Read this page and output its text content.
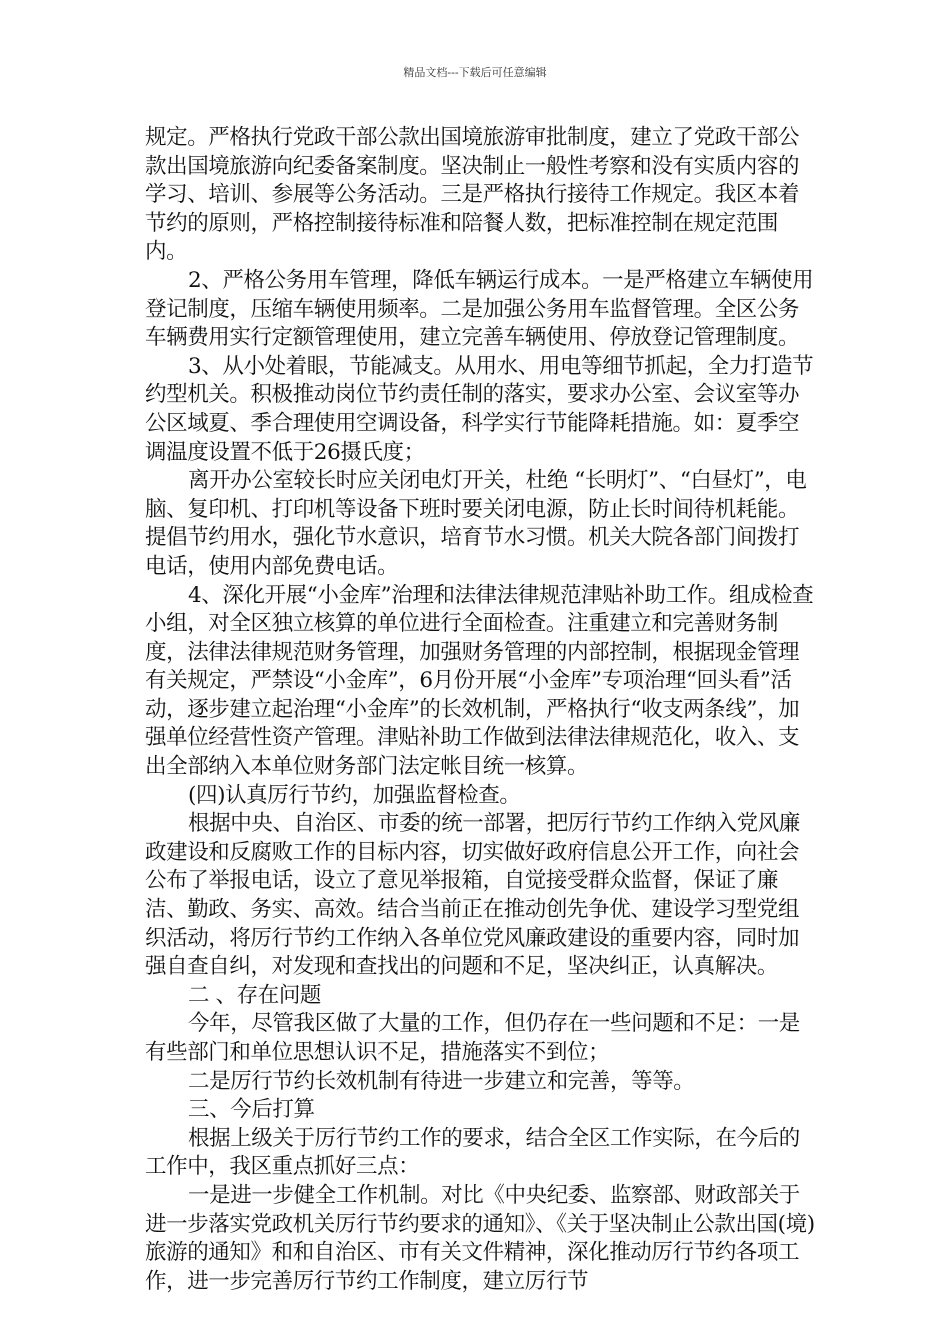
精品文档---下载后可任意编辑

规定。严格执行党政干部公款出国境旅游审批制度，建立了党政干部公款出国境旅游向纪委备案制度。坚决制止一般性考察和没有实质内容的学习、培训、参展等公务活动。三是严格执行接待工作规定。我区本着节约的原则，严格控制接待标准和陪餐人数，把标准控制在规定范围内。

2、严格公务用车管理，降低车辆运行成本。一是严格建立车辆使用登记制度，压缩车辆使用频率。二是加强公务用车监督管理。全区公务车辆费用实行定额管理使用，建立完善车辆使用、停放登记管理制度。

3、从小处着眼，节能减支。从用水、用电等细节抓起，全力打造节约型机关。积极推动岗位节约责任制的落实，要求办公室、会议室等办公区域夏、季合理使用空调设备，科学实行节能降耗措施。如：夏季空调温度设置不低于26摄氏度；

离开办公室较长时应关闭电灯开关，杜绝 “长明灯”、“白昼灯”，电脑、复印机、打印机等设备下班时要关闭电源，防止长时间待机耗能。提倡节约用水，强化节水意识，培育节水习惯。机关大院各部门间拨打电话，使用内部免费电话。

4、深化开展“小金库”治理和法律法律规范津贴补助工作。组成检查小组，对全区独立核算的单位进行全面检查。注重建立和完善财务制度，法律法律规范财务管理，加强财务管理的内部控制，根据现金管理有关规定，严禁设“小金库”，6月份开展“小金库”专项治理“回头看”活动，逐步建立起治理“小金库”的长效机制，严格执行“收支两条线”，加强单位经营性资产管理。津贴补助工作做到法律法律规范化，收入、支出全部纳入本单位财务部门法定帐目统一核算。

(四)认真厉行节约，加强监督检查。

根据中央、自治区、市委的统一部署，把厉行节约工作纳入党风廉政建设和反腐败工作的目标内容，切实做好政府信息公开工作，向社会公布了举报电话，设立了意见举报箱，自觉接受群众监督，保证了廉洁、勤政、务实、高效。结合当前正在推动创先争优、建设学习型党组织活动，将厉行节约工作纳入各单位党风廉政建设的重要内容，同时加强自查自纠，对发现和查找出的问题和不足，坚决纠正，认真解决。

二 、存在问题

今年，尽管我区做了大量的工作，但仍存在一些问题和不足：一是有些部门和单位思想认识不足，措施落实不到位；

二是厉行节约长效机制有待进一步建立和完善，等等。

三、今后打算

根据上级关于厉行节约工作的要求，结合全区工作实际，在今后的工作中，我区重点抓好三点：

一是进一步健全工作机制。对比《中央纪委、监察部、财政部关于进一步落实党政机关厉行节约要求的通知》、《关于坚决制止公款出国(境)旅游的通知》和和自治区、市有关文件精神，深化推动厉行节约各项工作，进一步完善厉行节约工作制度，建立厉行节
